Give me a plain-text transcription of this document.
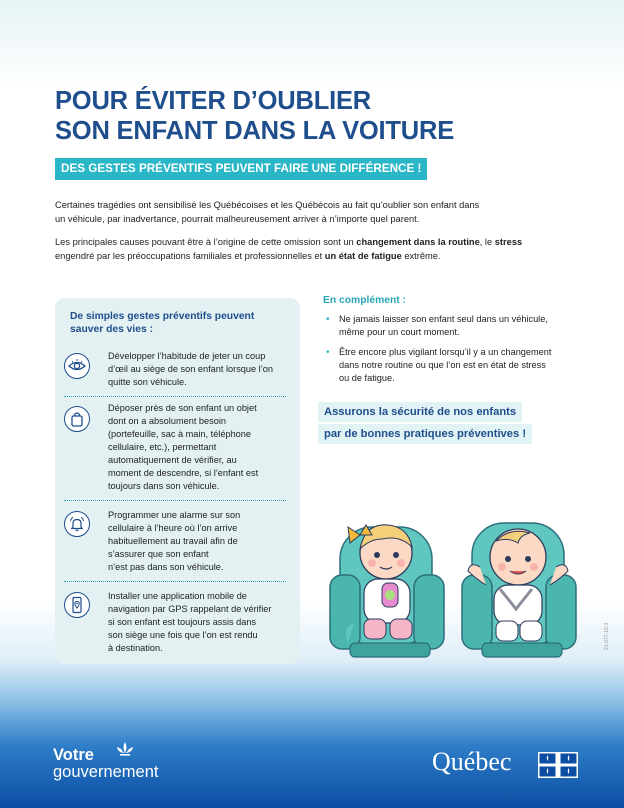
POUR ÉVITER D’OUBLIER
SON ENFANT DANS LA VOITURE
DES GESTES PRÉVENTIFS PEUVENT FAIRE UNE DIFFÉRENCE !
Certaines tragédies ont sensibilisé les Québécoises et les Québécois au fait qu’oublier son enfant dans
un véhicule, par inadvertance, pourrait malheureusement arriver à n’importe quel parent.
Les principales causes pouvant être à l’origine de cette omission sont un changement dans la routine, le stress
engendré par les préoccupations familiales et professionnelles et un état de fatigue extrême.
De simples gestes préventifs peuvent
sauver des vies :
Développer l’habitude de jeter un coup
d’œil au siège de son enfant lorsque l’on
quitte son véhicule.
Déposer près de son enfant un objet
dont on a absolument besoin
(portefeuille, sac à main, téléphone
cellulaire, etc.), permettant
automatiquement de vérifier, au
moment de descendre, si l’enfant est
toujours dans son véhicule.
Programmer une alarme sur son
cellulaire à l’heure où l’on arrive
habituellement au travail afin de
s’assurer que son enfant
n’est pas dans son véhicule.
Installer une application mobile de
navigation par GPS rappelant de vérifier
si son enfant est toujours assis dans
son siège une fois que l’on est rendu
à destination.
En complément :
• Ne jamais laisser son enfant seul dans un véhicule,
même pour un court moment.
• Être encore plus vigilant lorsqu’il y a un changement
dans notre routine ou que l’on est en état de stress
ou de fatigue.
Assurons la sécurité de nos enfants
par de bonnes pratiques préventives !
21-077-18-3
Votre
gouvernement	Québec
